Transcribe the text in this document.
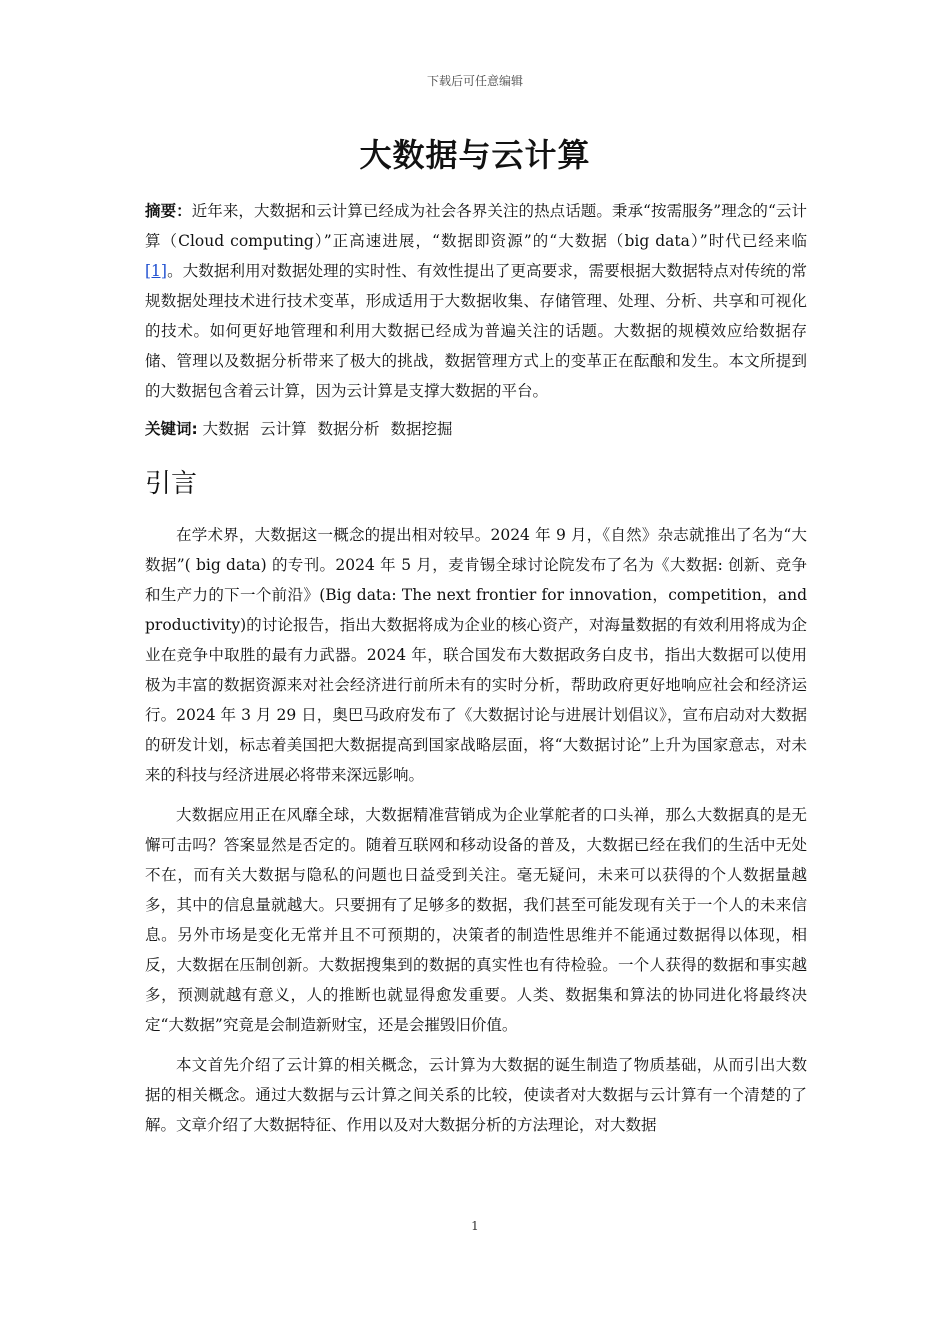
下载后可任意编辑
大数据与云计算

摘要：近年来，大数据和云计算已经成为社会各界关注的热点话题。秉承“按需服务”理念的“云计算（Cloud computing）”正高速进展，“数据即资源”的“大数据（big data）”时代已经来临[1]。大数据利用对数据处理的实时性、有效性提出了更高要求，需要根据大数据特点对传统的常规数据处理技术进行技术变革，形成适用于大数据收集、存储管理、处理、分析、共享和可视化的技术。如何更好地管理和利用大数据已经成为普遍关注的话题。大数据的规模效应给数据存储、管理以及数据分析带来了极大的挑战，数据管理方式上的变革正在酝酿和发生。本文所提到的大数据包含着云计算，因为云计算是支撑大数据的平台。

关键词: 大数据 云计算 数据分析 数据挖掘

引言

在学术界，大数据这一概念的提出相对较早。2024 年 9 月，《自然》杂志就推出了名为“大数据”( big data) 的专刊。2024 年 5 月，麦肯锡全球讨论院发布了名为《大数据: 创新、竞争和生产力的下一个前沿》(Big data: The next frontier for innovation，competition，and productivity)的讨论报告，指出大数据将成为企业的核心资产，对海量数据的有效利用将成为企业在竞争中取胜的最有力武器。2024 年，联合国发布大数据政务白皮书，指出大数据可以使用极为丰富的数据资源来对社会经济进行前所未有的实时分析，帮助政府更好地响应社会和经济运行。2024 年 3 月 29 日，奥巴马政府发布了《大数据讨论与进展计划倡议》，宣布启动对大数据的研发计划，标志着美国把大数据提高到国家战略层面，将“大数据讨论”上升为国家意志，对未来的科技与经济进展必将带来深远影响。

大数据应用正在风靡全球，大数据精准营销成为企业掌舵者的口头禅，那么大数据真的是无懈可击吗？答案显然是否定的。随着互联网和移动设备的普及，大数据已经在我们的生活中无处不在，而有关大数据与隐私的问题也日益受到关注。毫无疑问，未来可以获得的个人数据量越多，其中的信息量就越大。只要拥有了足够多的数据，我们甚至可能发现有关于一个人的未来信息。另外市场是变化无常并且不可预期的，决策者的制造性思维并不能通过数据得以体现，相反，大数据在压制创新。大数据搜集到的数据的真实性也有待检验。一个人获得的数据和事实越多，预测就越有意义，人的推断也就显得愈发重要。人类、数据集和算法的协同进化将最终决定“大数据”究竟是会制造新财宝，还是会摧毁旧价值。

本文首先介绍了云计算的相关概念，云计算为大数据的诞生制造了物质基础，从而引出大数据的相关概念。通过大数据与云计算之间关系的比较，使读者对大数据与云计算有一个清楚的了解。文章介绍了大数据特征、作用以及对大数据分析的方法理论，对大数据

1
